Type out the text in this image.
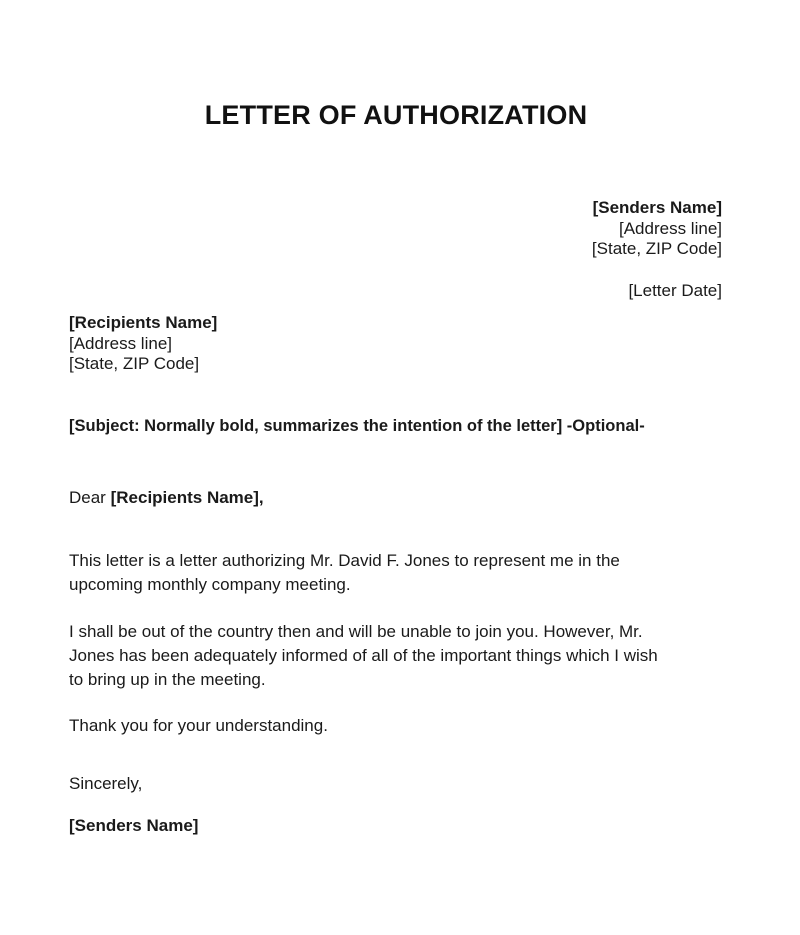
LETTER OF AUTHORIZATION
[Senders Name]
[Address line]
[State, ZIP Code]
[Letter Date]
[Recipients Name]
[Address line]
[State, ZIP Code]
[Subject: Normally bold, summarizes the intention of the letter] -Optional-
Dear [Recipients Name],
This letter is a letter authorizing Mr. David F. Jones to represent me in the
upcoming monthly company meeting.
I shall be out of the country then and will be unable to join you. However, Mr.
Jones has been adequately informed of all of the important things which I wish
to bring up in the meeting.
Thank you for your understanding.
Sincerely,
[Senders Name]
